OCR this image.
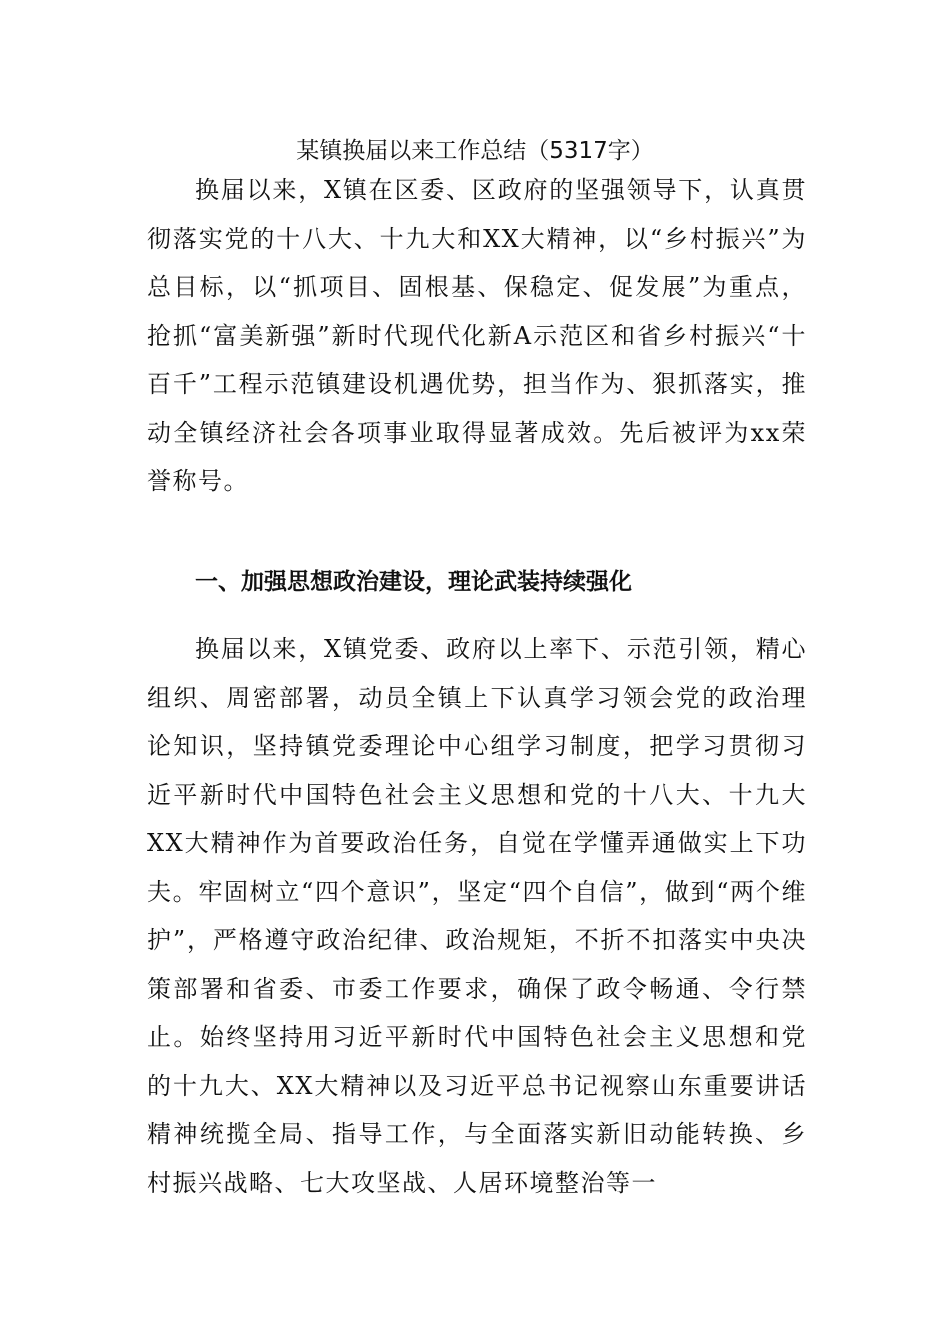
某镇换届以来工作总结（5317字）

换届以来，X镇在区委、区政府的坚强领导下，认真贯彻落实党的十八大、十九大和XX大精神，以“乡村振兴”为总目标，以“抓项目、固根基、保稳定、促发展”为重点，抢抓“富美新强”新时代现代化新A示范区和省乡村振兴“十百千”工程示范镇建设机遇优势，担当作为、狠抓落实，推动全镇经济社会各项事业取得显著成效。先后被评为xx荣誉称号。

一、加强思想政治建设，理论武装持续强化

换届以来，X镇党委、政府以上率下、示范引领，精心组织、周密部署，动员全镇上下认真学习领会党的政治理论知识，坚持镇党委理论中心组学习制度，把学习贯彻习近平新时代中国特色社会主义思想和党的十八大、十九大XX大精神作为首要政治任务，自觉在学懂弄通做实上下功夫。牢固树立“四个意识”，坚定“四个自信”，做到“两个维护”，严格遵守政治纪律、政治规矩，不折不扣落实中央决策部署和省委、市委工作要求，确保了政令畅通、令行禁止。始终坚持用习近平新时代中国特色社会主义思想和党的十九大、XX大精神以及习近平总书记视察山东重要讲话精神统揽全局、指导工作，与全面落实新旧动能转换、乡村振兴战略、七大攻坚战、人居环境整治等一
